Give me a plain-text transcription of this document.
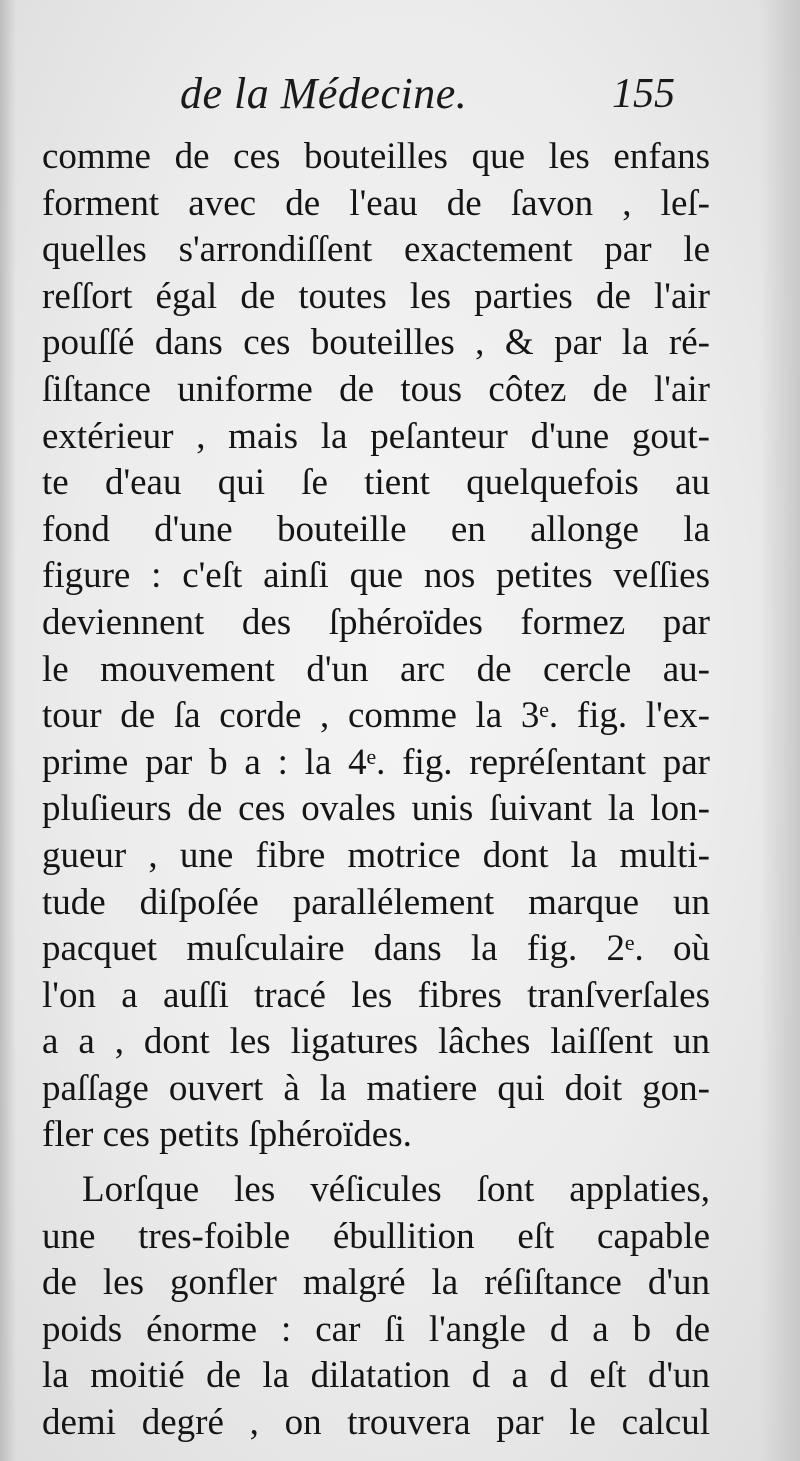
de la Médecine.	155
comme de ces bouteilles que les enfans
forment avec de l'eau de ſavon , leſ-
quelles s'arrondiſſent exactement par le
reſſort égal de toutes les parties de l'air
pouſſé dans ces bouteilles , & par la ré-
ſiſtance uniforme de tous côtez de l'air
extérieur , mais la peſanteur d'une gout-
te d'eau qui ſe tient quelquefois au
fond d'une bouteille en allonge la
figure : c'eſt ainſi que nos petites veſſies
deviennent des ſphéroïdes formez par
le mouvement d'un arc de cercle au-
tour de ſa corde , comme la 3ᵉ. fig. l'ex-
prime par b a : la 4ᵉ. fig. repréſentant par
pluſieurs de ces ovales unis ſuivant la lon-
gueur , une fibre motrice dont la multi-
tude diſpoſée parallélement marque un
pacquet muſculaire dans la fig. 2ᵉ. où
l'on a auſſi tracé les fibres tranſverſales
a a , dont les ligatures lâches laiſſent un
paſſage ouvert à la matiere qui doit gon-
fler ces petits ſphéroïdes.
Lorſque les véſicules ſont applaties,
une tres-foible ébullition eſt capable
de les gonfler malgré la réſiſtance d'un
poids énorme : car ſi l'angle d a b de
la moitié de la dilatation d a d eſt d'un
demi degré , on trouvera par le calcul
